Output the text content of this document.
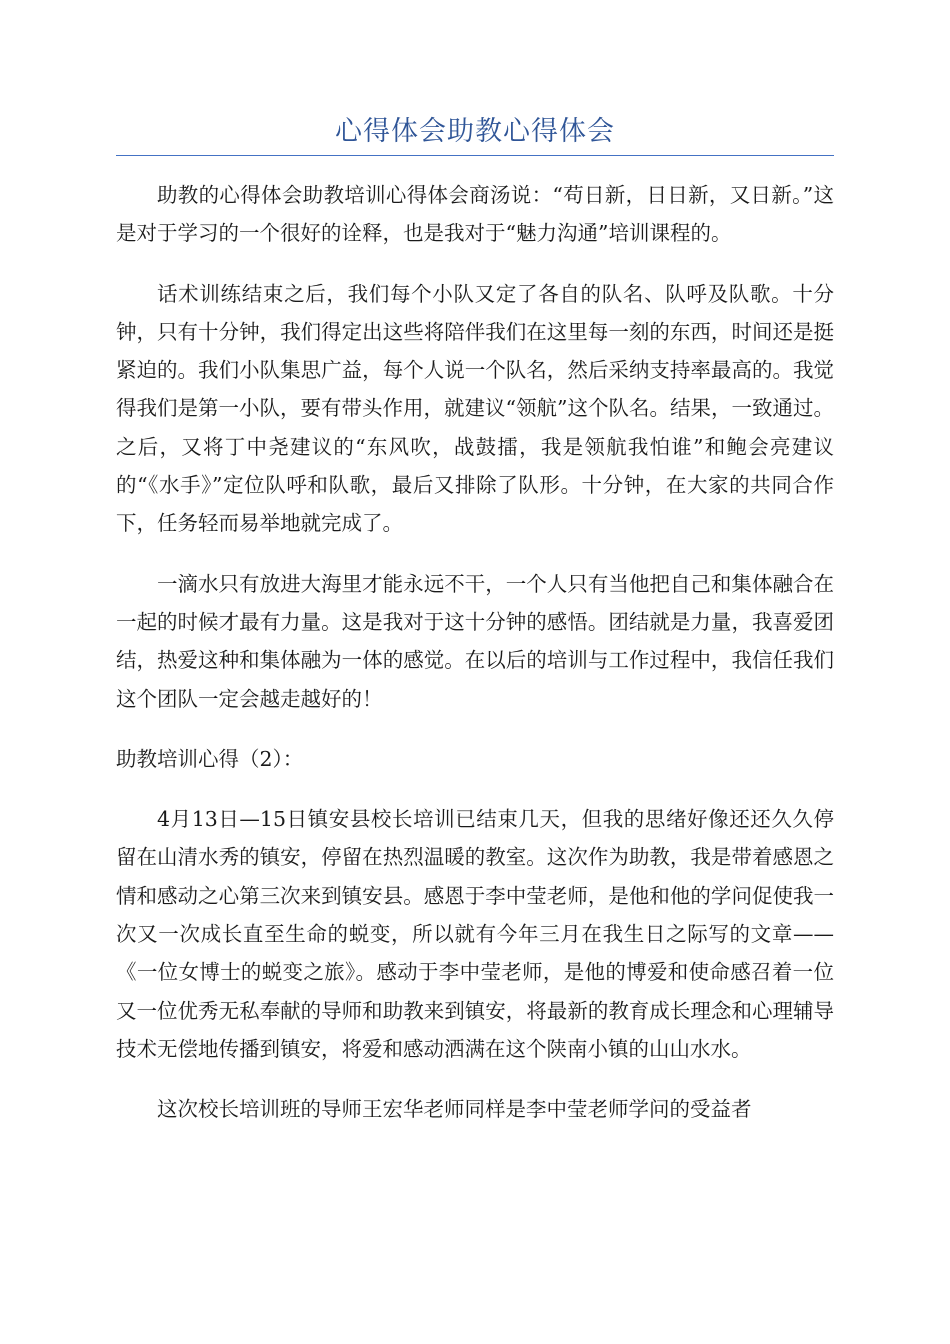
心得体会助教心得体会

助教的心得体会助教培训心得体会商汤说：“苟日新，日日新，又日新。”这是对于学习的一个很好的诠释，也是我对于“魅力沟通”培训课程的。

话术训练结束之后，我们每个小队又定了各自的队名、队呼及队歌。十分钟，只有十分钟，我们得定出这些将陪伴我们在这里每一刻的东西，时间还是挺紧迫的。我们小队集思广益，每个人说一个队名，然后采纳支持率最高的。我觉得我们是第一小队，要有带头作用，就建议“领航”这个队名。结果，一致通过。之后，又将丁中尧建议的“东风吹，战鼓擂，我是领航我怕谁”和鲍会亮建议的“《水手》”定位队呼和队歌，最后又排除了队形。十分钟，在大家的共同合作下，任务轻而易举地就完成了。

一滴水只有放进大海里才能永远不干，一个人只有当他把自己和集体融合在一起的时候才最有力量。这是我对于这十分钟的感悟。团结就是力量，我喜爱团结，热爱这种和集体融为一体的感觉。在以后的培训与工作过程中，我信任我们这个团队一定会越走越好的！

助教培训心得（2）：

4月13日—15日镇安县校长培训已结束几天，但我的思绪好像还还久久停留在山清水秀的镇安，停留在热烈温暖的教室。这次作为助教，我是带着感恩之情和感动之心第三次来到镇安县。感恩于李中莹老师，是他和他的学问促使我一次又一次成长直至生命的蜕变，所以就有今年三月在我生日之际写的文章——《一位女博士的蜕变之旅》。感动于李中莹老师，是他的博爱和使命感召着一位又一位优秀无私奉献的导师和助教来到镇安，将最新的教育成长理念和心理辅导技术无偿地传播到镇安，将爱和感动洒满在这个陕南小镇的山山水水。

这次校长培训班的导师王宏华老师同样是李中莹老师学问的受益者
